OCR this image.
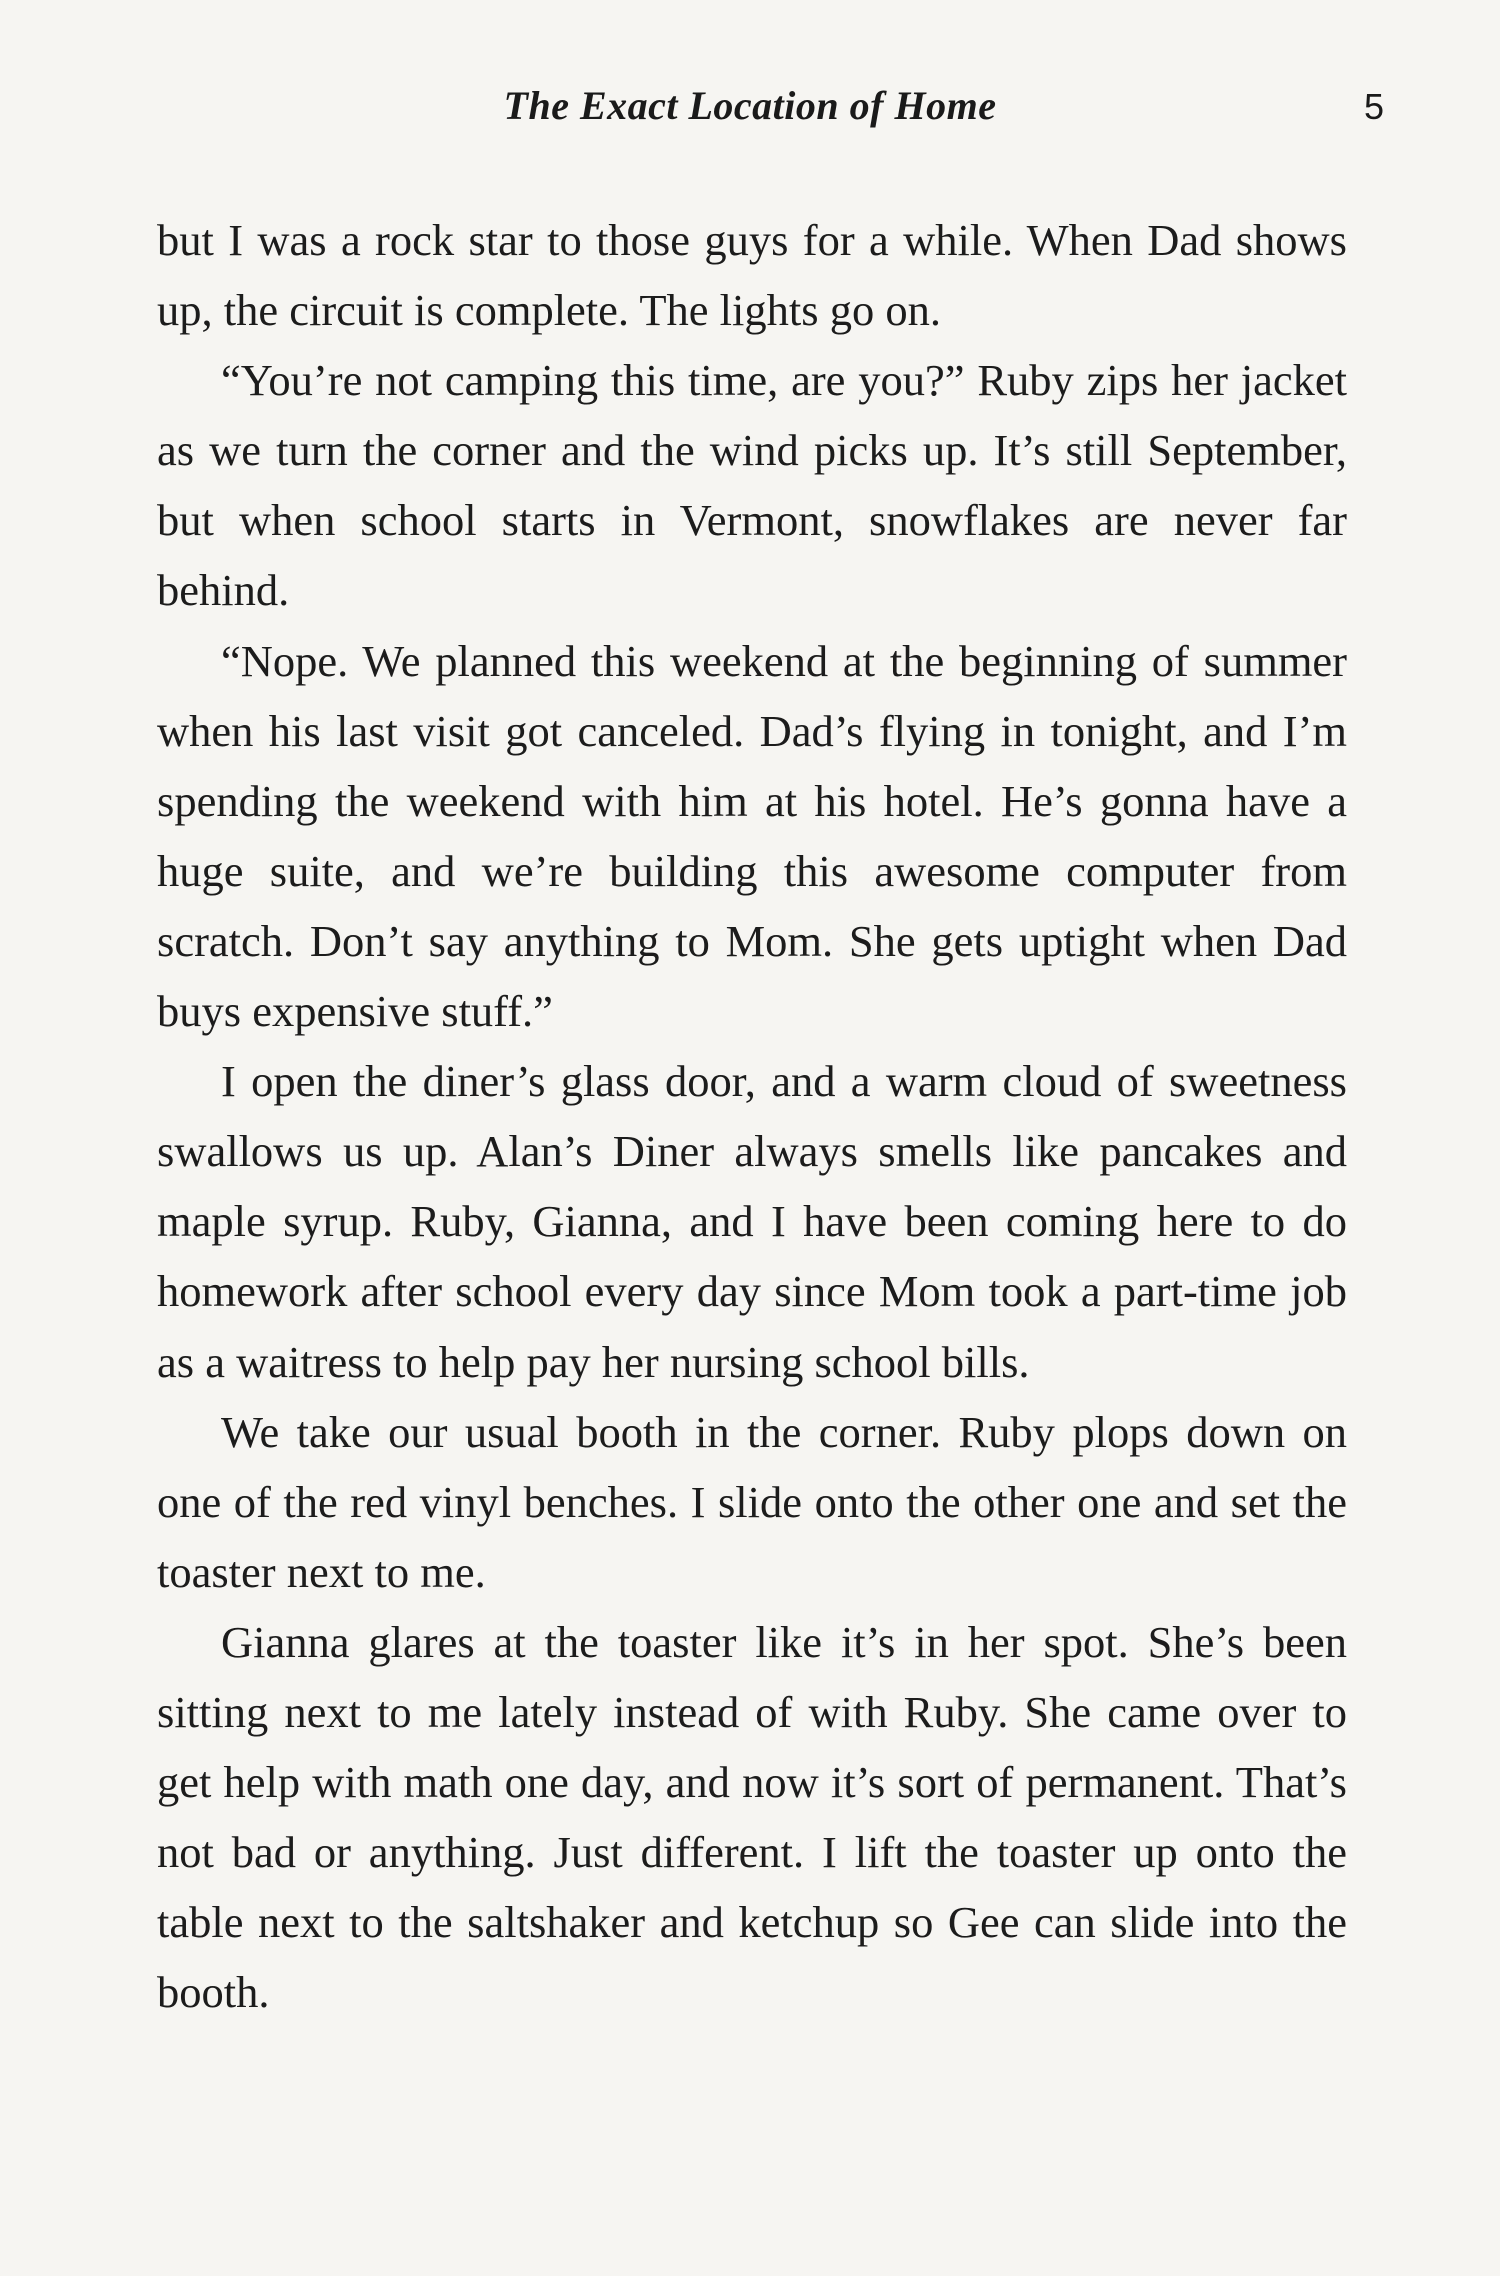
The Exact Location of Home	5

but I was a rock star to those guys for a while. When Dad shows up, the circuit is complete. The lights go on.

“You’re not camping this time, are you?” Ruby zips her jacket as we turn the corner and the wind picks up. It’s still September, but when school starts in Vermont, snowflakes are never far behind.

“Nope. We planned this weekend at the beginning of summer when his last visit got canceled. Dad’s flying in tonight, and I’m spending the weekend with him at his hotel. He’s gonna have a huge suite, and we’re building this awesome computer from scratch. Don’t say anything to Mom. She gets uptight when Dad buys expensive stuff.”

I open the diner’s glass door, and a warm cloud of sweetness swallows us up. Alan’s Diner always smells like pancakes and maple syrup. Ruby, Gianna, and I have been coming here to do homework after school every day since Mom took a part-time job as a waitress to help pay her nursing school bills.

We take our usual booth in the corner. Ruby plops down on one of the red vinyl benches. I slide onto the other one and set the toaster next to me.

Gianna glares at the toaster like it’s in her spot. She’s been sitting next to me lately instead of with Ruby. She came over to get help with math one day, and now it’s sort of permanent. That’s not bad or anything. Just different. I lift the toaster up onto the table next to the saltshaker and ketchup so Gee can slide into the booth.
